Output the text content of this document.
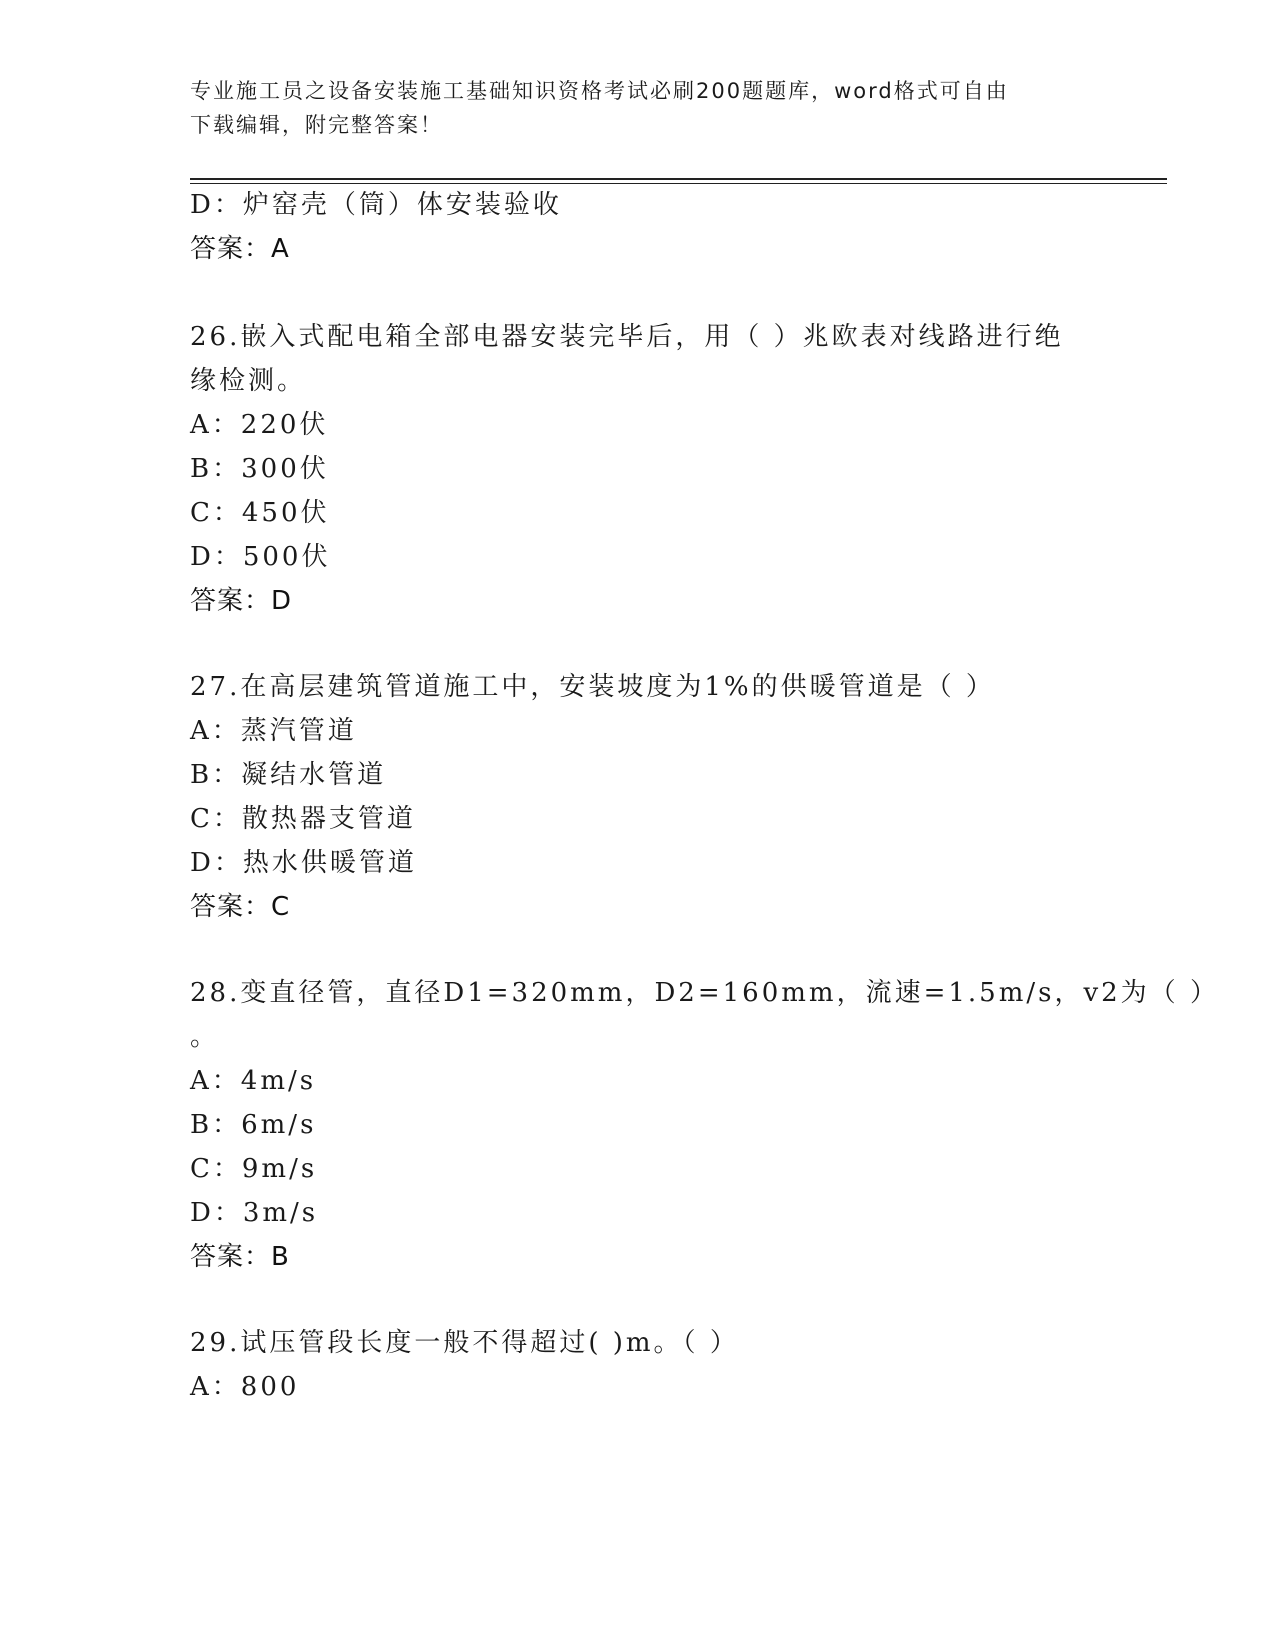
专业施工员之设备安装施工基础知识资格考试必刷200题题库，word格式可自由
下载编辑，附完整答案！
D：炉窑壳（筒）体安装验收
答案：A
26.嵌入式配电箱全部电器安装完毕后，用（ ）兆欧表对线路进行绝
缘检测。
A：220伏
B：300伏
C：450伏
D：500伏
答案：D
27.在高层建筑管道施工中，安装坡度为1%的供暖管道是（ ）
A：蒸汽管道
B：凝结水管道
C：散热器支管道
D：热水供暖管道
答案：C
28.变直径管，直径D1=320mm，D2=160mm，流速=1.5m/s，v2为（ ）
。
A：4m/s
B：6m/s
C：9m/s
D：3m/s
答案：B
29.试压管段长度一般不得超过( )m。（ ）
A：800
